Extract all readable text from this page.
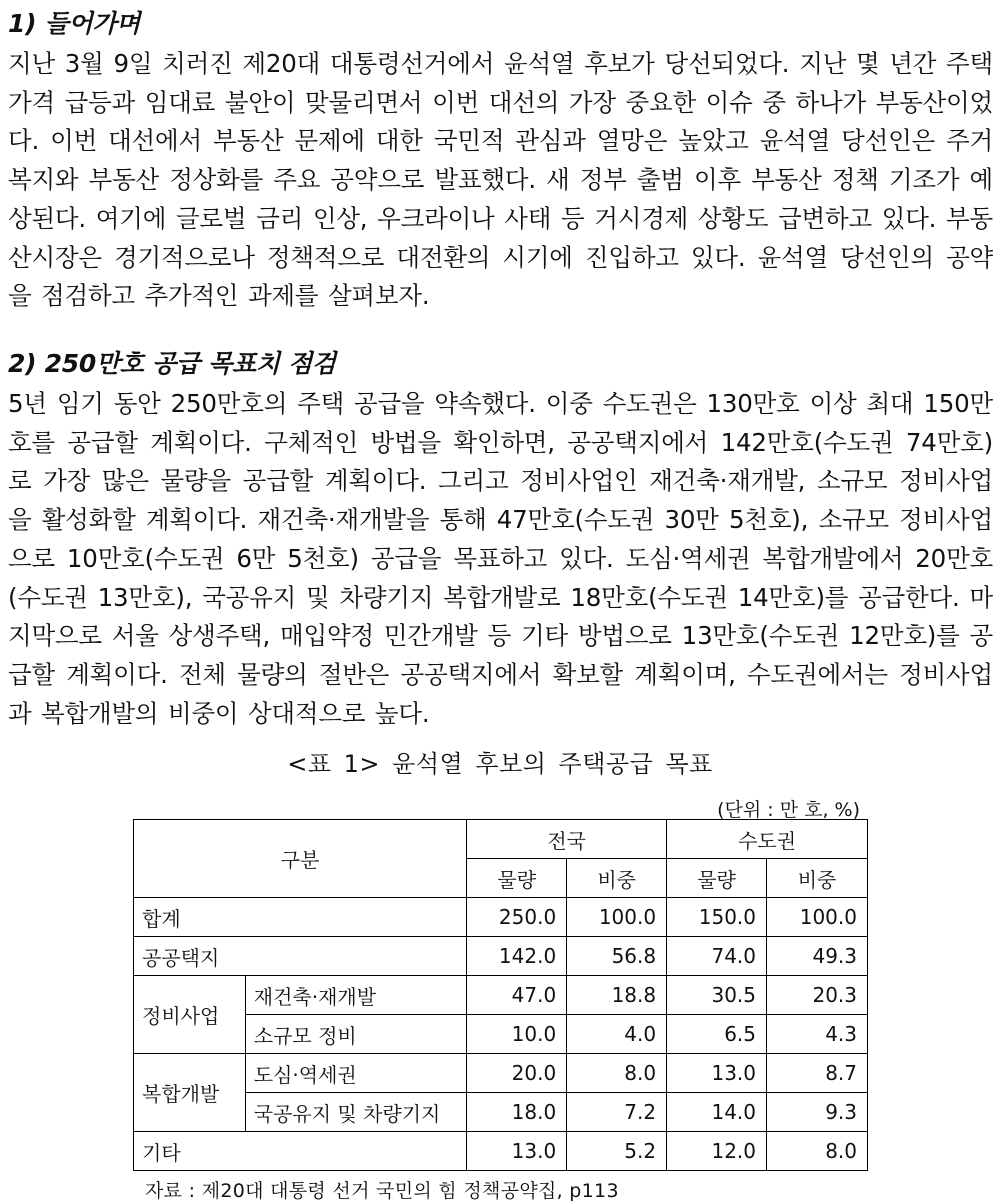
1) 들어가며

지난 3월 9일 치러진 제20대 대통령선거에서 윤석열 후보가 당선되었다. 지난 몇 년간 주택가격 급등과 임대료 불안이 맞물리면서 이번 대선의 가장 중요한 이슈 중 하나가 부동산이었다. 이번 대선에서 부동산 문제에 대한 국민적 관심과 열망은 높았고 윤석열 당선인은 주거복지와 부동산 정상화를 주요 공약으로 발표했다. 새 정부 출범 이후 부동산 정책 기조가 예상된다. 여기에 글로벌 금리 인상, 우크라이나 사태 등 거시경제 상황도 급변하고 있다. 부동산시장은 경기적으로나 정책적으로 대전환의 시기에 진입하고 있다. 윤석열 당선인의 공약을 점검하고 추가적인 과제를 살펴보자.

2) 250만호 공급 목표치 점검

5년 임기 동안 250만호의 주택 공급을 약속했다. 이중 수도권은 130만호 이상 최대 150만호를 공급할 계획이다. 구체적인 방법을 확인하면, 공공택지에서 142만호(수도권 74만호)로 가장 많은 물량을 공급할 계획이다. 그리고 정비사업인 재건축·재개발, 소규모 정비사업을 활성화할 계획이다. 재건축·재개발을 통해 47만호(수도권 30만 5천호), 소규모 정비사업으로 10만호(수도권 6만 5천호) 공급을 목표하고 있다. 도심·역세권 복합개발에서 20만호(수도권 13만호), 국공유지 및 차량기지 복합개발로 18만호(수도권 14만호)를 공급한다. 마지막으로 서울 상생주택, 매입약정 민간개발 등 기타 방법으로 13만호(수도권 12만호)를 공급할 계획이다. 전체 물량의 절반은 공공택지에서 확보할 계획이며, 수도권에서는 정비사업과 복합개발의 비중이 상대적으로 높다.

<표 1> 윤석열 후보의 주택공급 목표

(단위 : 만 호, %)
구분		전국		수도권	
		물량	비중	물량	비중
합계		250.0	100.0	150.0	100.0
공공택지		142.0	56.8	74.0	49.3
정비사업	재건축·재개발	47.0	18.8	30.5	20.3
	소규모 정비	10.0	4.0	6.5	4.3
복합개발	도심·역세권	20.0	8.0	13.0	8.7
	국공유지 및 차량기지	18.0	7.2	14.0	9.3
기타		13.0	5.2	12.0	8.0
자료 : 제20대 대통령 선거 국민의 힘 정책공약집, p113
